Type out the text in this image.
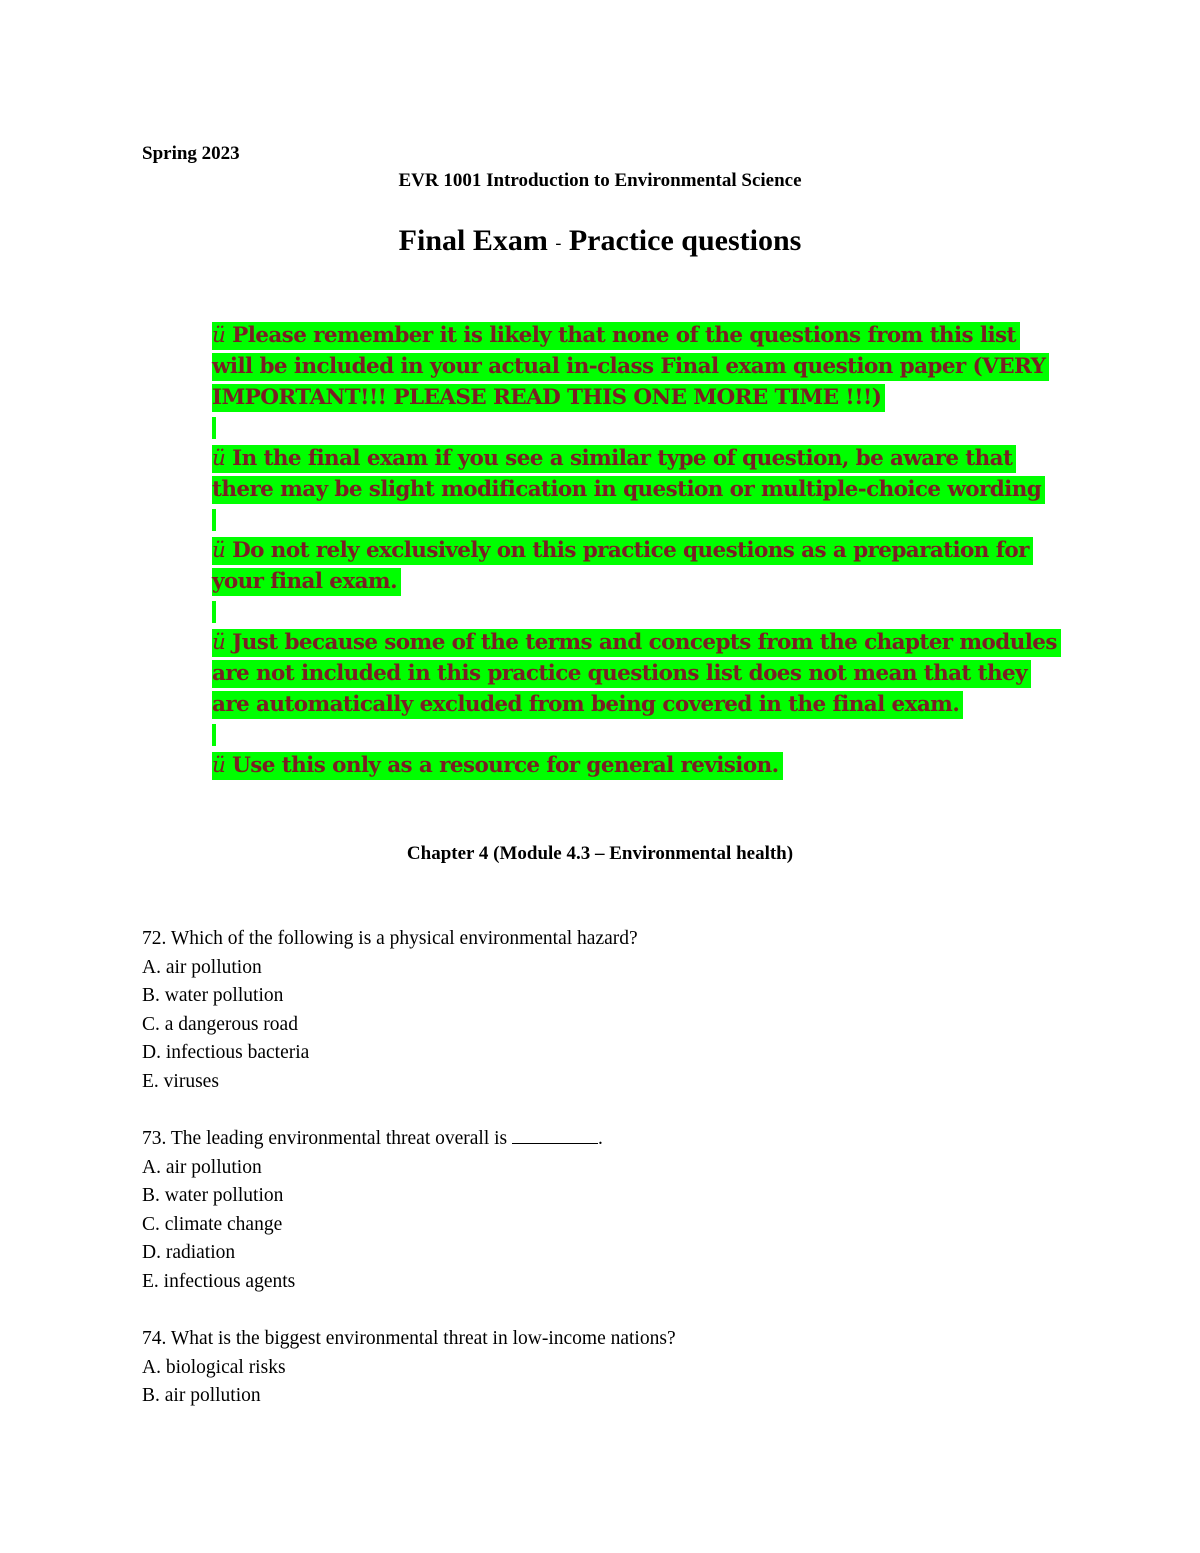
Spring 2023
EVR 1001 Introduction to Environmental Science
Final Exam - Practice questions

ü Please remember it is likely that none of the questions from this list will be included in your actual in-class Final exam question paper (VERY IMPORTANT!!! PLEASE READ THIS ONE MORE TIME !!!)

ü In the final exam if you see a similar type of question, be aware that there may be slight modification in question or multiple-choice wording

ü Do not rely exclusively on this practice questions as a preparation for your final exam.

ü Just because some of the terms and concepts from the chapter modules are not included in this practice questions list does not mean that they are automatically excluded from being covered in the final exam.

ü Use this only as a resource for general revision.

Chapter 4 (Module 4.3 – Environmental health)
72. Which of the following is a physical environmental hazard?
A. air pollution
B. water pollution
C. a dangerous road
D. infectious bacteria
E. viruses
73. The leading environmental threat overall is	.
A. air pollution
B. water pollution
C. climate change
D. radiation
E. infectious agents
74. What is the biggest environmental threat in low-income nations?
A. biological risks
B. air pollution
